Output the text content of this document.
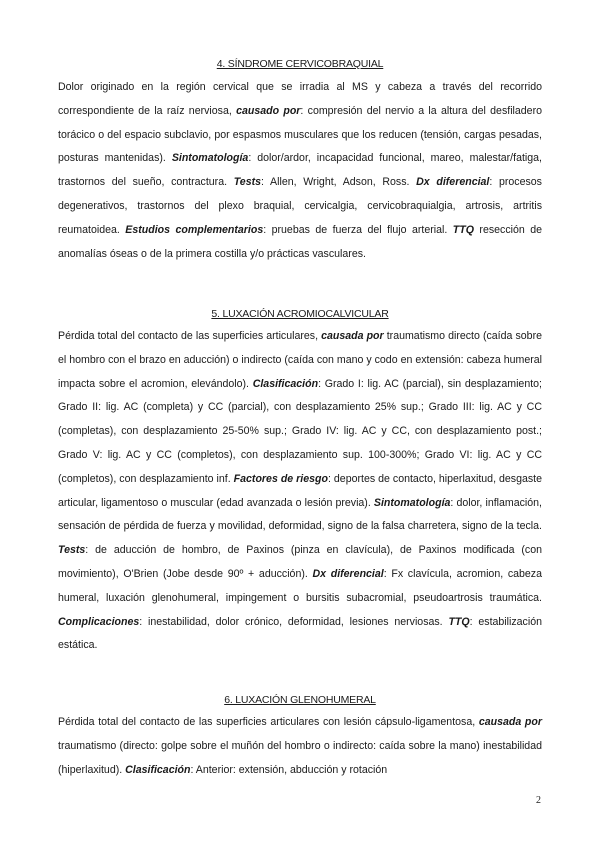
4. SÍNDROME CERVICOBRAQUIAL

Dolor originado en la región cervical que se irradia al MS y cabeza a través del recorrido correspondiente de la raíz nerviosa, causado por: compresión del nervio a la altura del desfiladero torácico o del espacio subclavio, por espasmos musculares que los reducen (tensión, cargas pesadas, posturas mantenidas). Sintomatología: dolor/ardor, incapacidad funcional, mareo, malestar/fatiga, trastornos del sueño, contractura. Tests: Allen, Wright, Adson, Ross. Dx diferencial: procesos degenerativos, trastornos del plexo braquial, cervicalgia, cervicobraquialgia, artrosis, artritis reumatoidea. Estudios complementarios: pruebas de fuerza del flujo arterial. TTQ resección de anomalías óseas o de la primera costilla y/o prácticas vasculares.

5. LUXACIÓN ACROMIOCALVICULAR

Pérdida total del contacto de las superficies articulares, causada por traumatismo directo (caída sobre el hombro con el brazo en aducción) o indirecto (caída con mano y codo en extensión: cabeza humeral impacta sobre el acromion, elevándolo). Clasificación: Grado I: lig. AC (parcial), sin desplazamiento; Grado II: lig. AC (completa) y CC (parcial), con desplazamiento 25% sup.; Grado III: lig. AC y CC (completas), con desplazamiento 25-50% sup.; Grado IV: lig. AC y CC, con desplazamiento post.; Grado V: lig. AC y CC (completos), con desplazamiento sup. 100-300%; Grado VI: lig. AC y CC (completos), con desplazamiento inf. Factores de riesgo: deportes de contacto, hiperlaxitud, desgaste articular, ligamentoso o muscular (edad avanzada o lesión previa). Sintomatología: dolor, inflamación, sensación de pérdida de fuerza y movilidad, deformidad, signo de la falsa charretera, signo de la tecla. Tests: de aducción de hombro, de Paxinos (pinza en clavícula), de Paxinos modificada (con movimiento), O'Brien (Jobe desde 90º + aducción). Dx diferencial: Fx clavícula, acromion, cabeza humeral, luxación glenohumeral, impingement o bursitis subacromial, pseudoartrosis traumática. Complicaciones: inestabilidad, dolor crónico, deformidad, lesiones nerviosas. TTQ: estabilización estática.

6. LUXACIÓN GLENOHUMERAL

Pérdida total del contacto de las superficies articulares con lesión cápsulo-ligamentosa, causada por traumatismo (directo: golpe sobre el muñón del hombro o indirecto: caída sobre la mano) inestabilidad (hiperlaxitud). Clasificación: Anterior: extensión, abducción y rotación

2
